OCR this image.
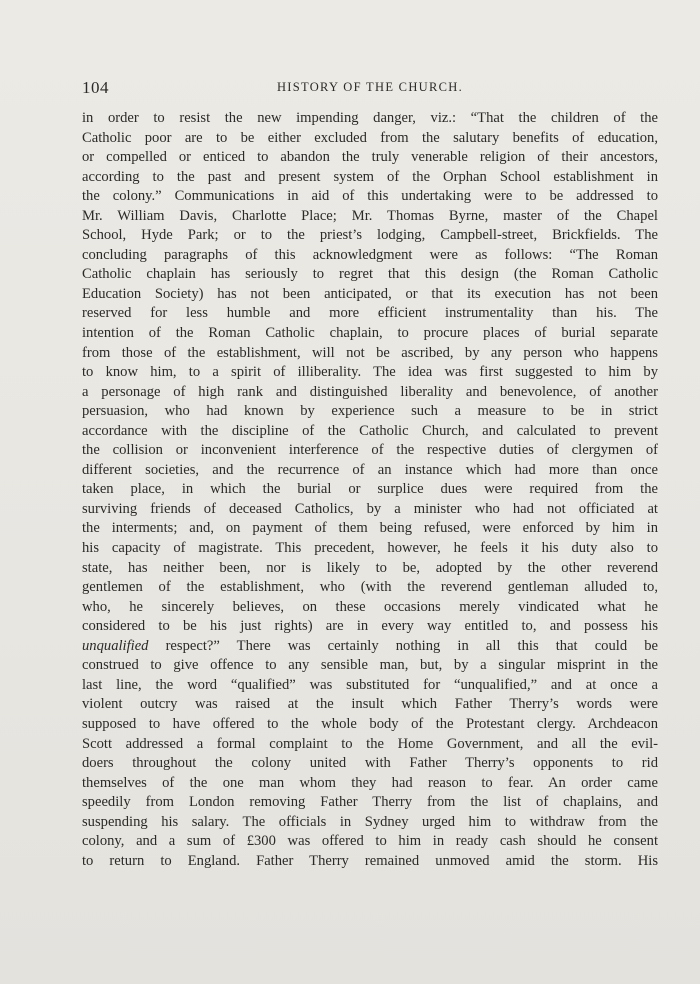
104	HISTORY OF THE CHURCH.
in order to resist the new impending danger, viz.: “That the children of the
Catholic poor are to be either excluded from the salutary benefits of education,
or compelled or enticed to abandon the truly venerable religion of their ancestors,
according to the past and present system of the Orphan School establishment in
the colony.” Communications in aid of this undertaking were to be addressed to
Mr. William Davis, Charlotte Place; Mr. Thomas Byrne, master of the Chapel
School, Hyde Park; or to the priest’s lodging, Campbell-street, Brickfields. The
concluding paragraphs of this acknowledgment were as follows: “The Roman
Catholic chaplain has seriously to regret that this design (the Roman Catholic
Education Society) has not been anticipated, or that its execution has not been
reserved for less humble and more efficient instrumentality than his. The
intention of the Roman Catholic chaplain, to procure places of burial separate
from those of the establishment, will not be ascribed, by any person who happens
to know him, to a spirit of illiberality. The idea was first suggested to him by
a personage of high rank and distinguished liberality and benevolence, of another
persuasion, who had known by experience such a measure to be in strict
accordance with the discipline of the Catholic Church, and calculated to prevent
the collision or inconvenient interference of the respective duties of clergymen of
different societies, and the recurrence of an instance which had more than once
taken place, in which the burial or surplice dues were required from the
surviving friends of deceased Catholics, by a minister who had not officiated at
the interments; and, on payment of them being refused, were enforced by him in
his capacity of magistrate. This precedent, however, he feels it his duty also to
state, has neither been, nor is likely to be, adopted by the other reverend
gentlemen of the establishment, who (with the reverend gentleman alluded to,
who, he sincerely believes, on these occasions merely vindicated what he
considered to be his just rights) are in every way entitled to, and possess his
unqualified respect?” There was certainly nothing in all this that could be
construed to give offence to any sensible man, but, by a singular misprint in the
last line, the word “qualified” was substituted for “unqualified,” and at once a
violent outcry was raised at the insult which Father Therry’s words were
supposed to have offered to the whole body of the Protestant clergy. Archdeacon
Scott addressed a formal complaint to the Home Government, and all the evil-
doers throughout the colony united with Father Therry’s opponents to rid
themselves of the one man whom they had reason to fear. An order came
speedily from London removing Father Therry from the list of chaplains, and
suspending his salary. The officials in Sydney urged him to withdraw from the
colony, and a sum of £300 was offered to him in ready cash should he consent
to return to England. Father Therry remained unmoved amid the storm. His
